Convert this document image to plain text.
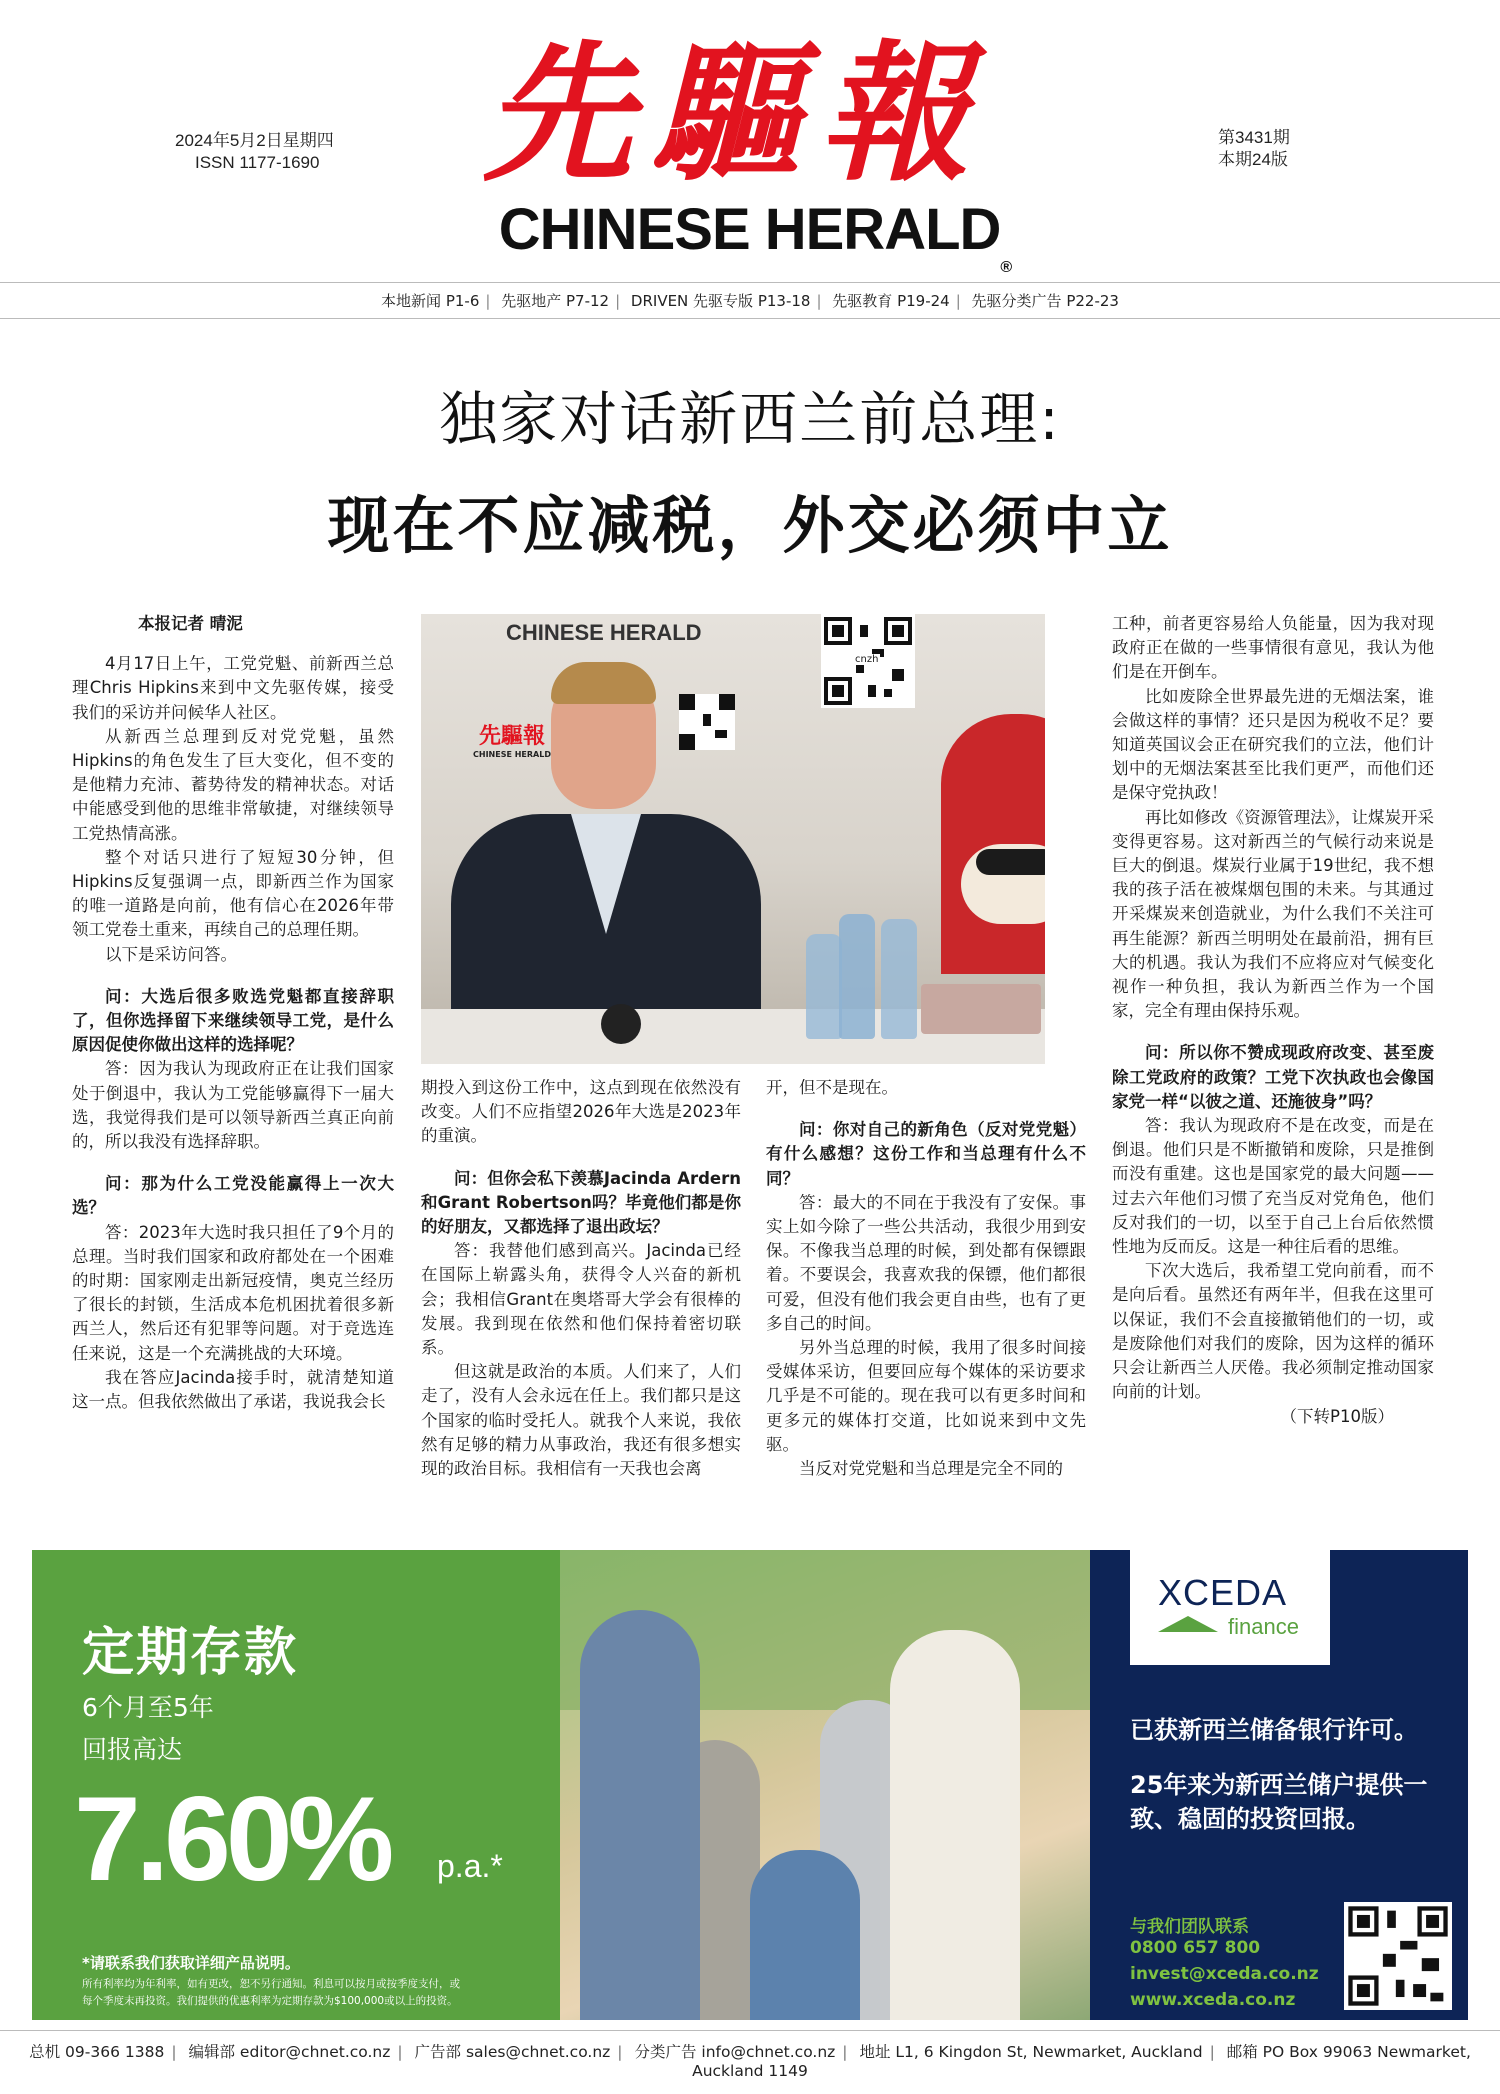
2024年5月2日星期四
ISSN 1177-1690 先驅報
CHINESE HERALD®
第3431期
本期24版
本地新闻 P1-6 | 先驱地产 P7-12 | DRIVEN 先驱专版 P13-18 | 先驱教育 P19-24 | 先驱分类广告 P22-23
独家对话新西兰前总理:
现在不应减税，外交必须中立

本报记者 晴泥

4月17日上午，工党党魁、前新西兰总理Chris Hipkins来到中文先驱传媒，接受我们的采访并问候华人社区。

从新西兰总理到反对党党魁，虽然Hipkins的角色发生了巨大变化，但不变的是他精力充沛、蓄势待发的精神状态。对话中能感受到他的思维非常敏捷，对继续领导工党热情高涨。

整个对话只进行了短短30分钟，但Hipkins反复强调一点，即新西兰作为国家的唯一道路是向前，他有信心在2026年带领工党卷土重来，再续自己的总理任期。

以下是采访问答。

问：大选后很多败选党魁都直接辞职了，但你选择留下来继续领导工党，是什么原因促使你做出这样的选择呢？

答：因为我认为现政府正在让我们国家处于倒退中，我认为工党能够赢得下一届大选，我觉得我们是可以领导新西兰真正向前的，所以我没有选择辞职。

问：那为什么工党没能赢得上一次大选？

答：2023年大选时我只担任了9个月的总理。当时我们国家和政府都处在一个困难的时期：国家刚走出新冠疫情，奥克兰经历了很长的封锁，生活成本危机困扰着很多新西兰人，然后还有犯罪等问题。对于竞选连任来说，这是一个充满挑战的大环境。

我在答应Jacinda接手时，就清楚知道这一点。但我依然做出了承诺，我说我会长

期投入到这份工作中，这点到现在依然没有改变。人们不应指望2026年大选是2023年的重演。

问：但你会私下羡慕Jacinda Ardern和Grant Robertson吗？毕竟他们都是你的好朋友，又都选择了退出政坛？

答：我替他们感到高兴。Jacinda已经在国际上崭露头角，获得令人兴奋的新机会；我相信Grant在奥塔哥大学会有很棒的发展。我到现在依然和他们保持着密切联系。

但这就是政治的本质。人们来了，人们走了，没有人会永远在任上。我们都只是这个国家的临时受托人。就我个人来说，我依然有足够的精力从事政治，我还有很多想实现的政治目标。我相信有一天我也会离

开，但不是现在。

问：你对自己的新角色（反对党党魁）有什么感想？这份工作和当总理有什么不同？

答：最大的不同在于我没有了安保。事实上如今除了一些公共活动，我很少用到安保。不像我当总理的时候，到处都有保镖跟着。不要误会，我喜欢我的保镖，他们都很可爱，但没有他们我会更自由些，也有了更多自己的时间。

另外当总理的时候，我用了很多时间接受媒体采访，但要回应每个媒体的采访要求几乎是不可能的。现在我可以有更多时间和更多元的媒体打交道，比如说来到中文先驱。

当反对党党魁和当总理是完全不同的

工种，前者更容易给人负能量，因为我对现政府正在做的一些事情很有意见，我认为他们是在开倒车。

比如废除全世界最先进的无烟法案，谁会做这样的事情？还只是因为税收不足？要知道英国议会正在研究我们的立法，他们计划中的无烟法案甚至比我们更严，而他们还是保守党执政！

再比如修改《资源管理法》，让煤炭开采变得更容易。这对新西兰的气候行动来说是巨大的倒退。煤炭行业属于19世纪，我不想我的孩子活在被煤烟包围的未来。与其通过开采煤炭来创造就业，为什么我们不关注可再生能源？新西兰明明处在最前沿，拥有巨大的机遇。我认为我们不应将应对气候变化视作一种负担，我认为新西兰作为一个国家，完全有理由保持乐观。

问：所以你不赞成现政府改变、甚至废除工党政府的政策？工党下次执政也会像国家党一样“以彼之道、还施彼身”吗？

答：我认为现政府不是在改变，而是在倒退。他们只是不断撤销和废除，只是推倒而没有重建。这也是国家党的最大问题——过去六年他们习惯了充当反对党角色，他们反对我们的一切，以至于自己上台后依然惯性地为反而反。这是一种往后看的思维。

下次大选后，我希望工党向前看，而不是向后看。虽然还有两年半，但我在这里可以保证，我们不会直接撤销他们的一切，或是废除他们对我们的废除，因为这样的循环只会让新西兰人厌倦。我必须制定推动国家向前的计划。

（下转P10版）

CHINESE HERALD
先驅報
CHINESE HERALD
cnzh
定期存款
6个月至5年
回报高达
7.60% p.a.*
*请联系我们获取详细产品说明。
所有利率均为年利率，如有更改，恕不另行通知。利息可以按月或按季度支付，或
每个季度末再投资。我们提供的优惠利率为定期存款为$100,000或以上的投资。
XCEDA
finance
已获新西兰储备银行许可。
25年来为新西兰储户提供一致、稳固的投资回报。
与我们团队联系
0800 657 800
invest@xceda.co.nz
www.xceda.co.nz
总机 09-366 1388 | 编辑部 editor@chnet.co.nz | 广告部 sales@chnet.co.nz | 分类广告 info@chnet.co.nz | 地址 L1, 6 Kingdon St, Newmarket, Auckland | 邮箱 PO Box 99063 Newmarket, Auckland 1149
